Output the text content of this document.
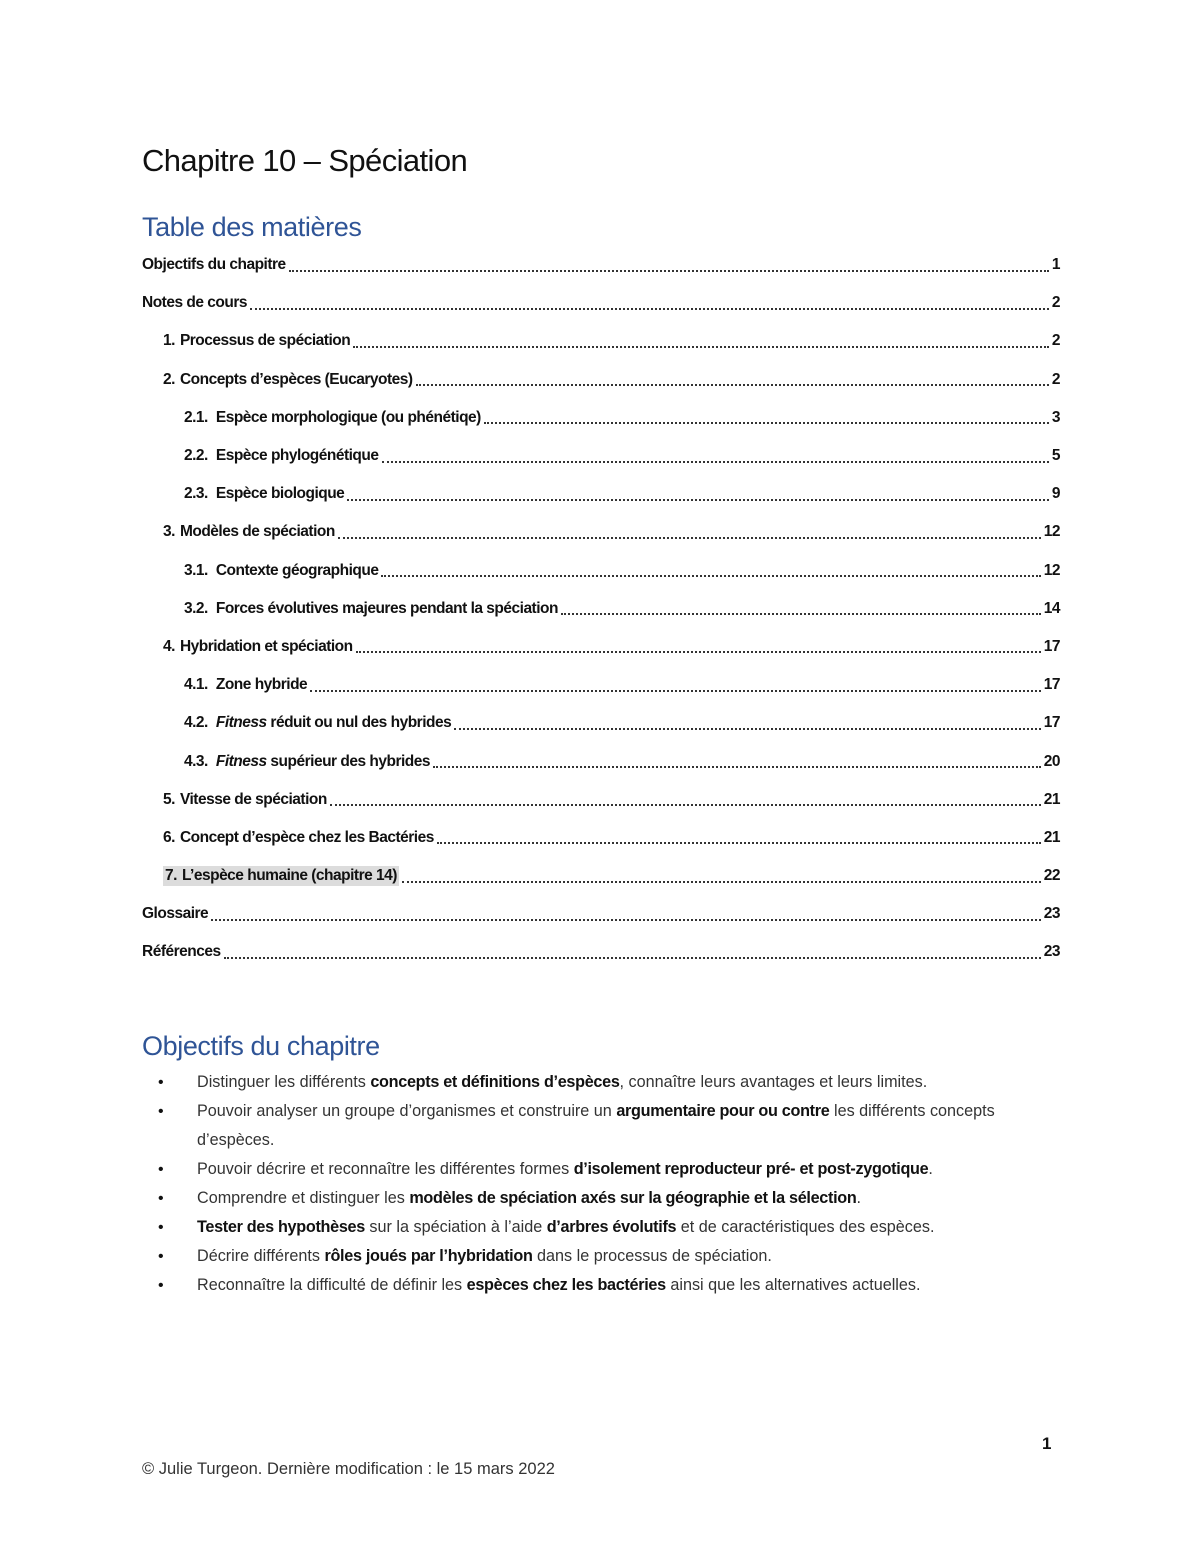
Chapitre 10 – Spéciation
Table des matières
Objectifs du chapitre	1
Notes de cours	2
1. Processus de spéciation	2
2. Concepts d’espèces (Eucaryotes)	2
2.1. Espèce morphologique (ou phénétiqe)	3
2.2. Espèce phylogénétique	5
2.3. Espèce biologique	9
3. Modèles de spéciation	12
3.1. Contexte géographique	12
3.2. Forces évolutives majeures pendant la spéciation	14
4. Hybridation et spéciation	17
4.1. Zone hybride	17
4.2. Fitness réduit ou nul des hybrides	17
4.3. Fitness supérieur des hybrides	20
5. Vitesse de spéciation	21
6. Concept d’espèce chez les Bactéries	21
7. L’espèce humaine (chapitre 14)	22
Glossaire	23
Références	23
Objectifs du chapitre
• Distinguer les différents concepts et définitions d’espèces, connaître leurs avantages et leurs limites.
• Pouvoir analyser un groupe d’organismes et construire un argumentaire pour ou contre les différents concepts d’espèces.
• Pouvoir décrire et reconnaître les différentes formes d’isolement reproducteur pré- et post-zygotique.
• Comprendre et distinguer les modèles de spéciation axés sur la géographie et la sélection.
• Tester des hypothèses sur la spéciation à l’aide d’arbres évolutifs et de caractéristiques des espèces.
• Décrire différents rôles joués par l’hybridation dans le processus de spéciation.
• Reconnaître la difficulté de définir les espèces chez les bactéries ainsi que les alternatives actuelles.
1
© Julie Turgeon. Dernière modification : le 15 mars 2022
